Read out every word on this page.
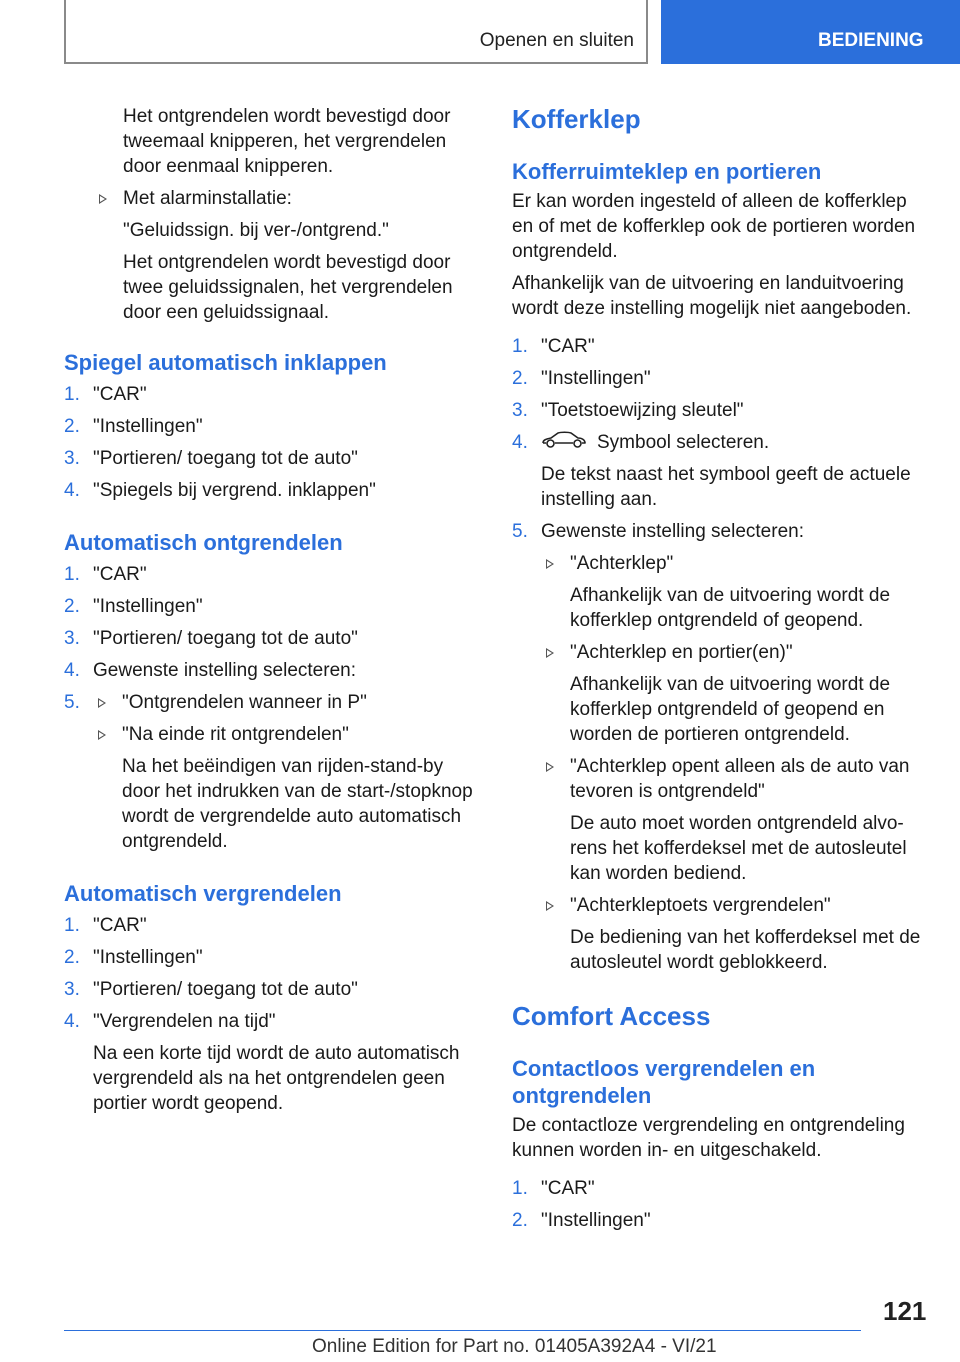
Openen en sluiten	BEDIENING

Het ontgrendelen wordt bevestigd door tweemaal knipperen, het vergrendelen door eenmaal knipperen.

Met alarminstallatie:

"Geluidssign. bij ver-/ontgrend."

Het ontgrendelen wordt bevestigd door twee geluidssignalen, het vergrendelen door een geluidssignaal.

Spiegel automatisch inklappen
1. "CAR"
2. "Instellingen"
3. "Portieren/ toegang tot de auto"
4. "Spiegels bij vergrend. inklappen"
Automatisch ontgrendelen
1. "CAR"
2. "Instellingen"
3. "Portieren/ toegang tot de auto"
4. Gewenste instelling selecteren:
5.	"Ontgrendelen wanneer in P"
"Na einde rit ontgrendelen"

Na het beëindigen van rijden-stand-by door het indrukken van de start-/stopknop wordt de vergrendelde auto automatisch ontgrendeld.

Automatisch vergrendelen
1. "CAR"
2. "Instellingen"
3. "Portieren/ toegang tot de auto"
4. "Vergrendelen na tijd"

Na een korte tijd wordt de auto automatisch vergrendeld als na het ontgrendelen geen portier wordt geopend.

Kofferklep
Kofferruimteklep en portieren

Er kan worden ingesteld of alleen de kofferklep en of met de kofferklep ook de portieren worden ontgrendeld.

Afhankelijk van de uitvoering en landuitvoering wordt deze instelling mogelijk niet aangeboden.

1. "CAR"
2. "Instellingen"
3. "Toetstoewijzing sleutel"
4.	Symbool selecteren.

De tekst naast het symbool geeft de actuele instelling aan.

5. Gewenste instelling selecteren:
"Achterklep"

Afhankelijk van de uitvoering wordt de kofferklep ontgrendeld of geopend.

"Achterklep en portier(en)"

Afhankelijk van de uitvoering wordt de kofferklep ontgrendeld of geopend en worden de portieren ontgrendeld.

"Achterklep opent alleen als de auto van tevoren is ontgrendeld"

De auto moet worden ontgrendeld alvo-rens het kofferdeksel met de autosleutel kan worden bediend.

"Achterkleptoets vergrendelen"

De bediening van het kofferdeksel met de autosleutel wordt geblokkeerd.

Comfort Access
Contactloos vergrendelen en ontgrendelen

De contactloze vergrendeling en ontgrendeling kunnen worden in- en uitgeschakeld.

1. "CAR"
2. "Instellingen"
121
Online Edition for Part no. 01405A392A4 - VI/21
